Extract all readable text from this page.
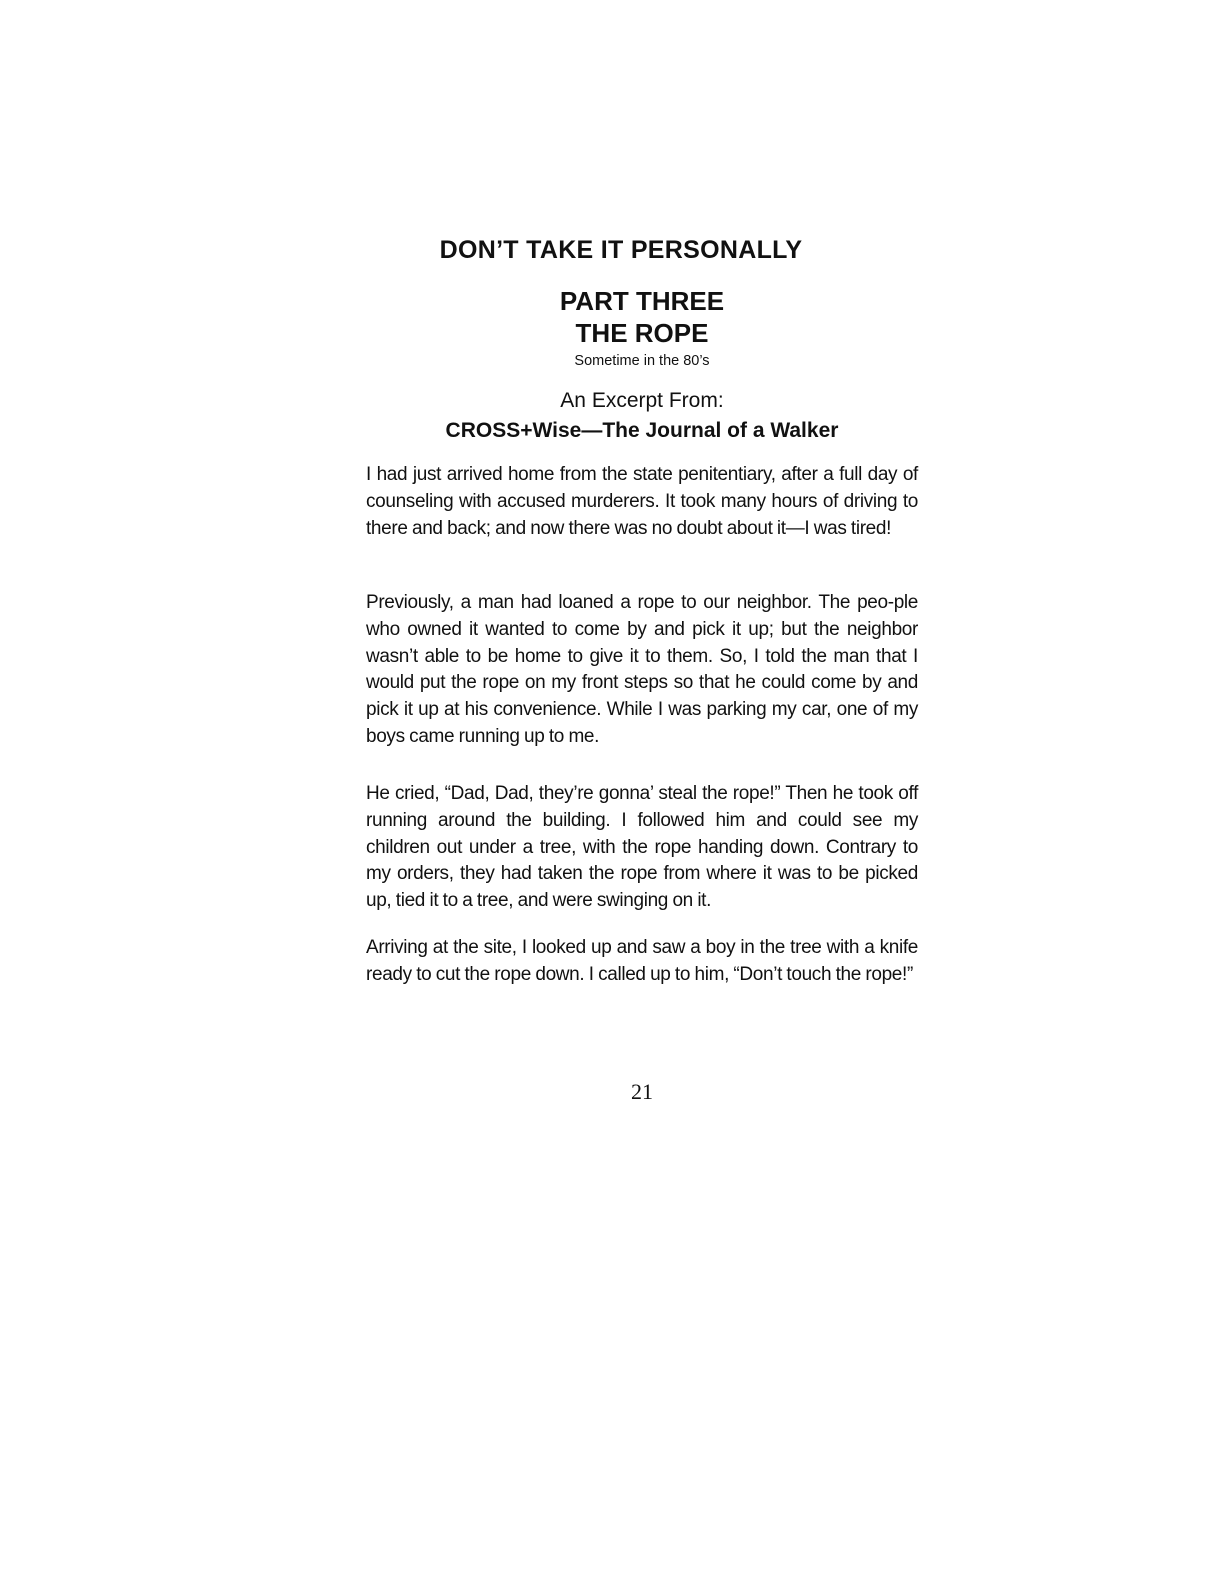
DON’T TAKE IT PERSONALLY
PART THREE
THE ROPE
Sometime in the 80’s
An Excerpt From:
CROSS+Wise—The Journal of a Walker

I had just arrived home from the state penitentiary, after a full day of counseling with accused murderers. It took many hours of driving to there and back; and now there was no doubt about it—I was tired!

Previously, a man had loaned a rope to our neighbor. The peo-ple who owned it wanted to come by and pick it up; but the neighbor wasn’t able to be home to give it to them. So, I told the man that I would put the rope on my front steps so that he could come by and pick it up at his convenience. While I was parking my car, one of my boys came running up to me.

He cried, “Dad, Dad, they’re gonna’ steal the rope!” Then he took off running around the building. I followed him and could see my children out under a tree, with the rope handing down. Contrary to my orders, they had taken the rope from where it was to be picked up, tied it to a tree, and were swinging on it.

Arriving at the site, I looked up and saw a boy in the tree with a knife ready to cut the rope down. I called up to him, “Don’t touch the rope!”

21
